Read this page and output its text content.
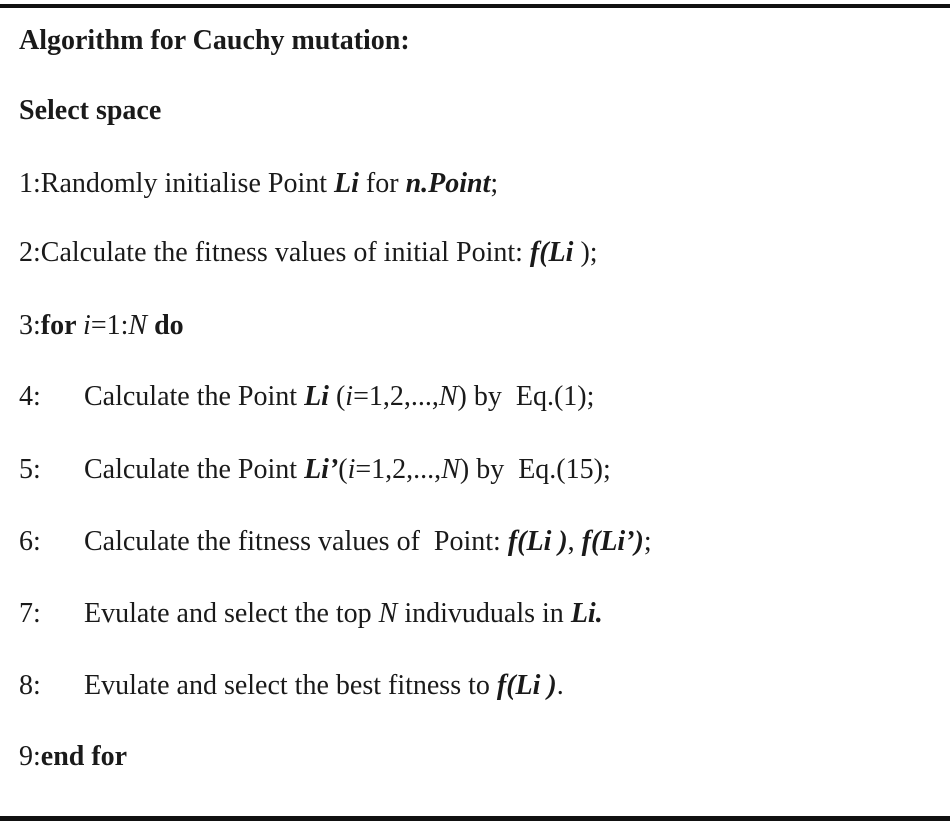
Algorithm for Cauchy mutation:
Select space
1:Randomly initialise Point Li for n.Point;
2:Calculate the fitness values of initial Point: f(Li );
3:for i=1:N do
4: Calculate the Point Li (i=1,2,...,N) by  Eq.(1);
5: Calculate the Point Li’(i=1,2,...,N) by  Eq.(15);
6: Calculate the fitness values of  Point: f(Li ), f(Li’);
7: Evulate and select the top N indivuduals in Li.
8: Evulate and select the best fitness to f(Li ).
9:end for
